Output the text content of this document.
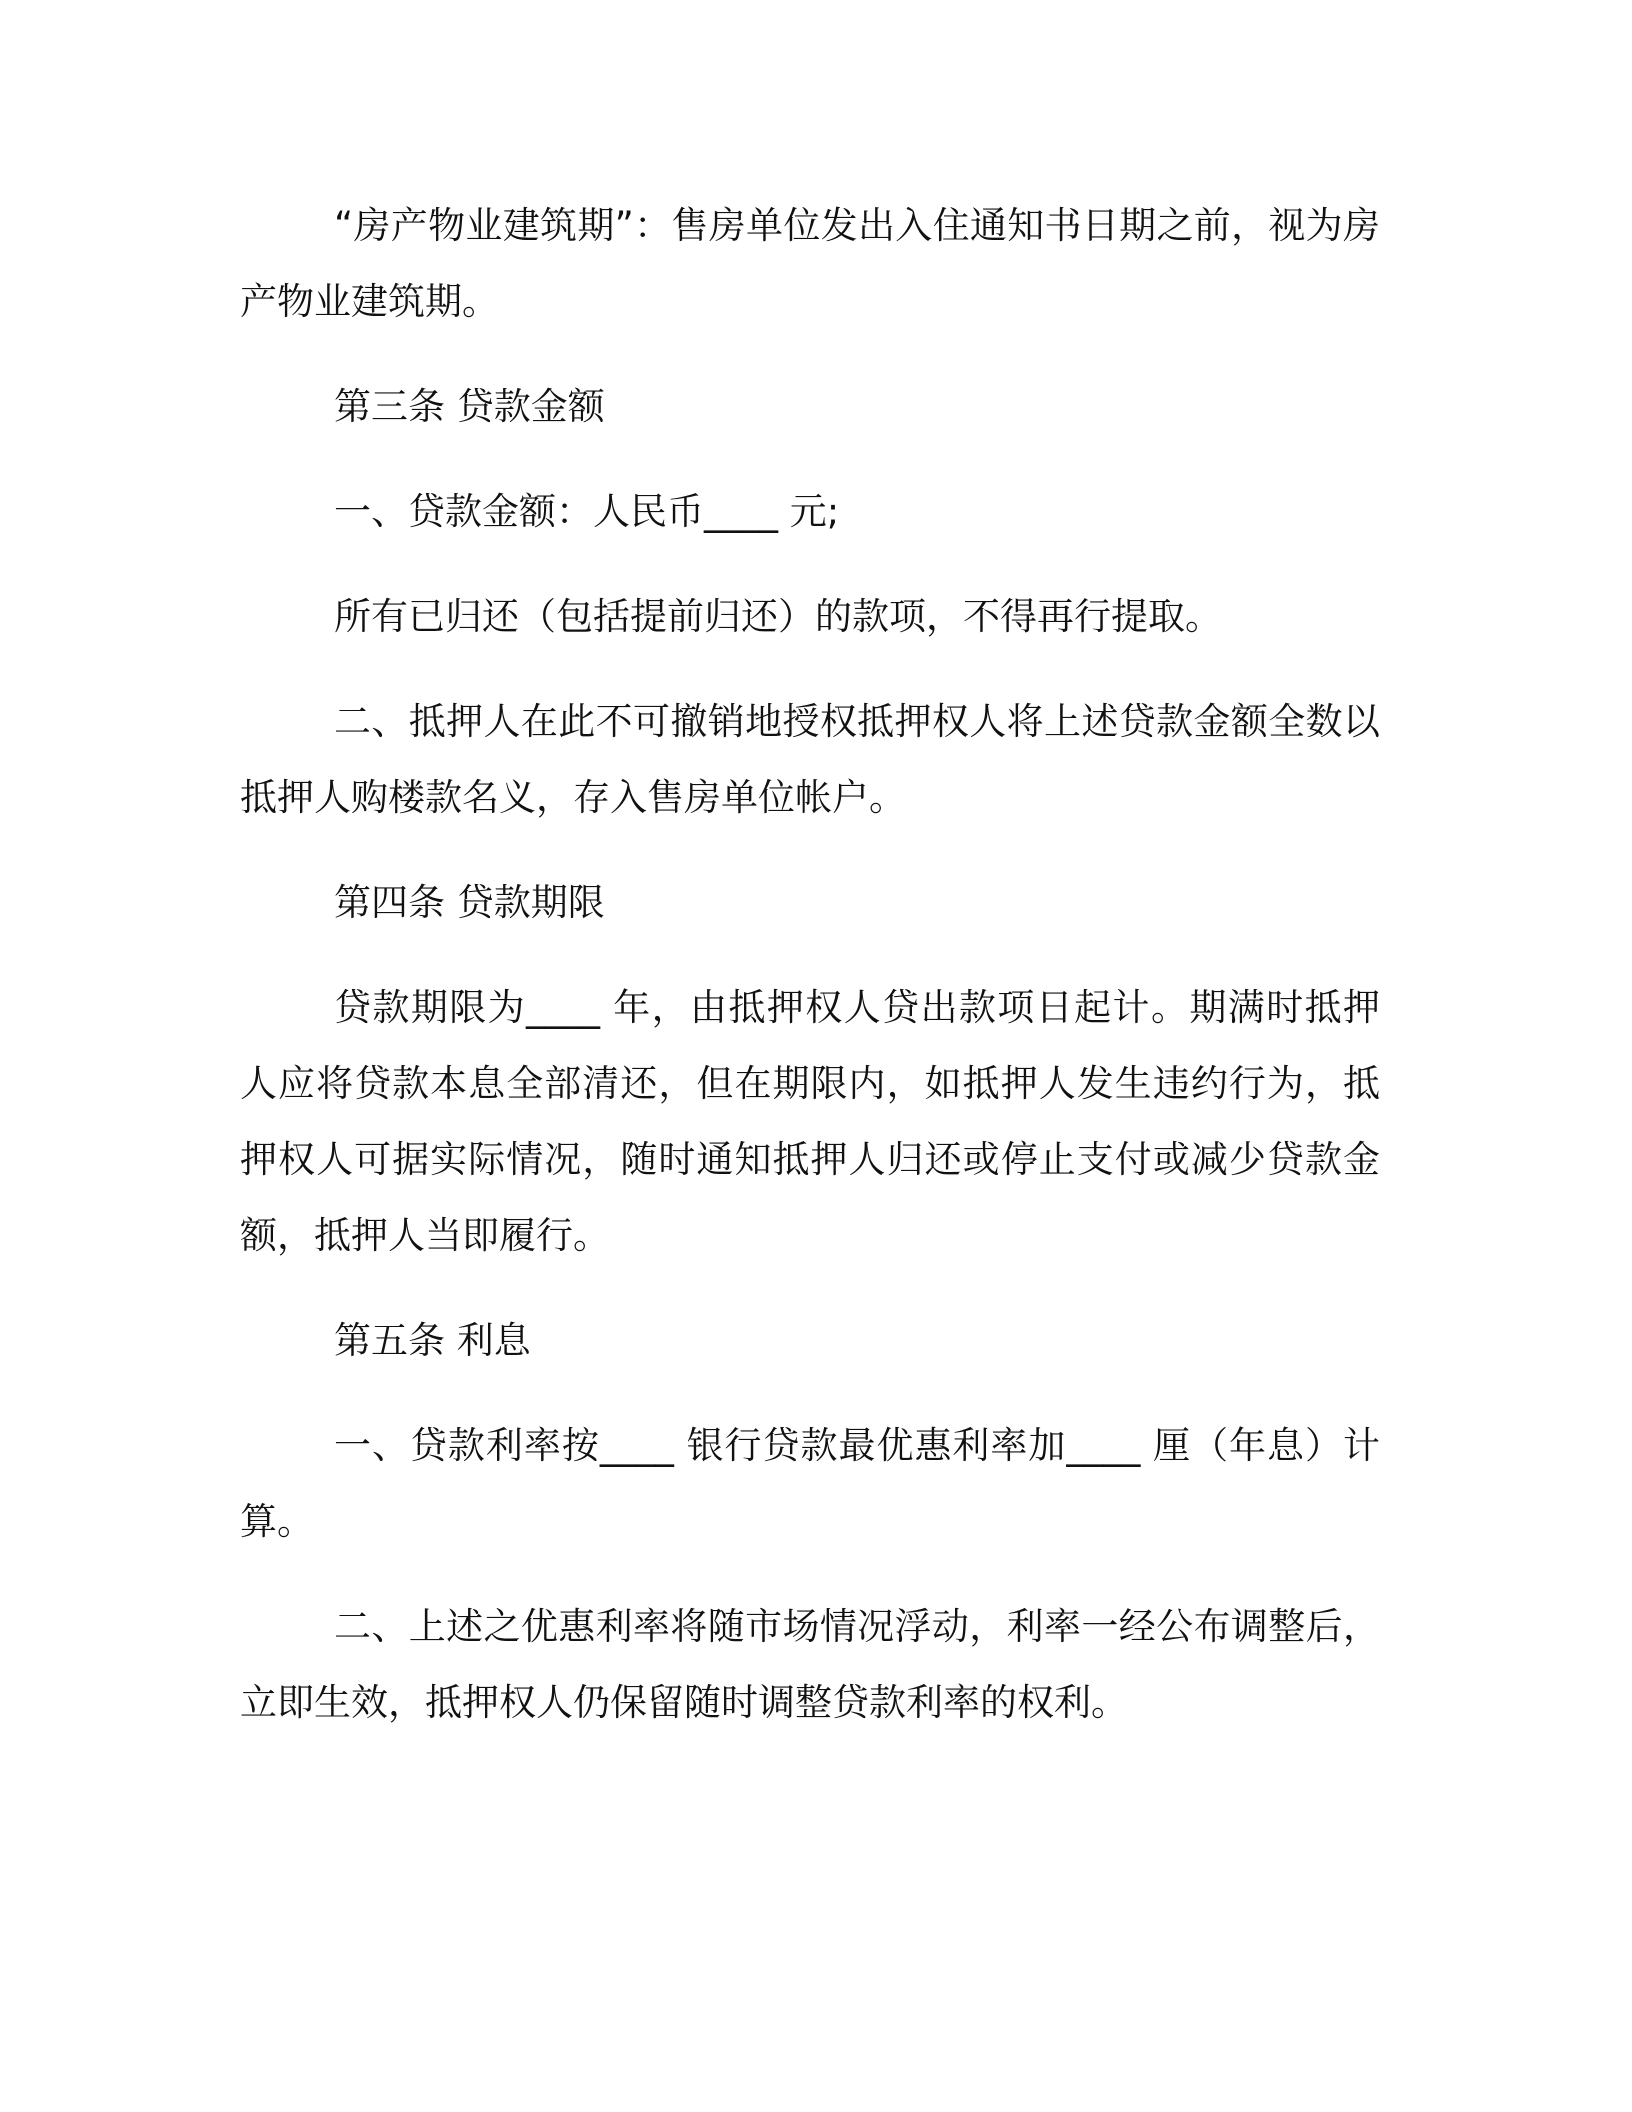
“房产物业建筑期”：售房单位发出入住通知书日期之前，视为房产物业建筑期。

第三条 贷款金额

一、贷款金额：人民币____ 元;

所有已归还（包括提前归还）的款项，不得再行提取。

二、抵押人在此不可撤销地授权抵押权人将上述贷款金额全数以抵押人购楼款名义，存入售房单位帐户。

第四条 贷款期限

贷款期限为____ 年，由抵押权人贷出款项日起计。期满时抵押人应将贷款本息全部清还，但在期限内，如抵押人发生违约行为，抵押权人可据实际情况，随时通知抵押人归还或停止支付或减少贷款金额，抵押人当即履行。

第五条 利息

一、贷款利率按____ 银行贷款最优惠利率加____ 厘（年息）计算。

二、上述之优惠利率将随市场情况浮动，利率一经公布调整后，立即生效，抵押权人仍保留随时调整贷款利率的权利。
